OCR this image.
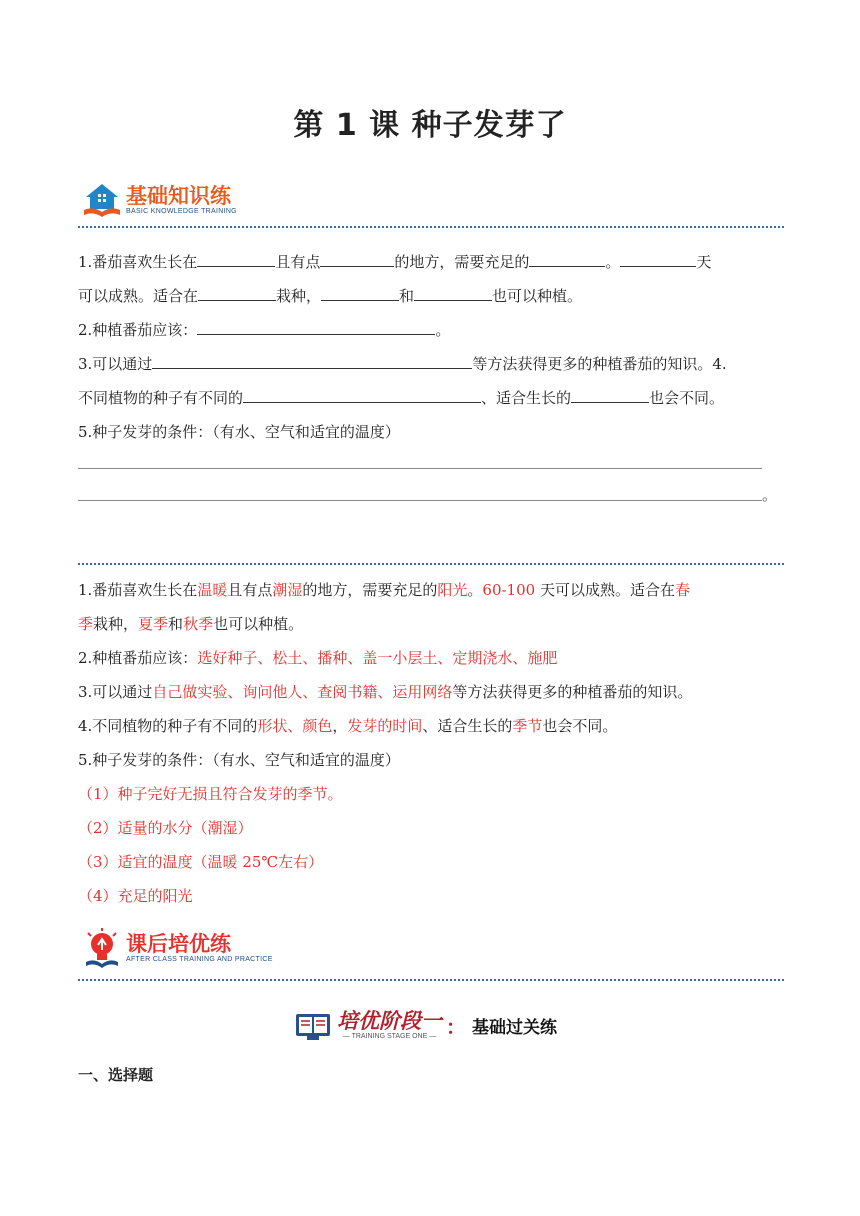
第 1 课 种子发芽了
基础知识练
BASIC KNOWLEDGE TRAINING
1.番茄喜欢生长在	且有点	的地方，需要充足的	。	天
可以成熟。适合在	栽种，	和	也可以种植。
2.种植番茄应该：	。
3.可以通过	等方法获得更多的种植番茄的知识。4.
不同植物的种子有不同的	、适合生长的	也会不同。
5.种子发芽的条件：（有水、空气和适宜的温度）
。
1.番茄喜欢生长在温暖且有点潮湿的地方，需要充足的阳光。60-100 天可以成熟。适合在春
季栽种，夏季和秋季也可以种植。
2.种植番茄应该：选好种子、松土、播种、盖一小层土、定期浇水、施肥
3.可以通过自己做实验、询问他人、查阅书籍、运用网络等方法获得更多的种植番茄的知识。
4.不同植物的种子有不同的形状、颜色，发芽的时间、适合生长的季节也会不同。
5.种子发芽的条件：（有水、空气和适宜的温度）
（1）种子完好无损且符合发芽的季节。
（2）适量的水分（潮湿）
（3）适宜的温度（温暖 25℃左右）
（4）充足的阳光
课后培优练
AFTER CLASS TRAINING AND PRACTICE
培优阶段一
— TRAINING STAGE ONE — ： 基础过关练
一、选择题
